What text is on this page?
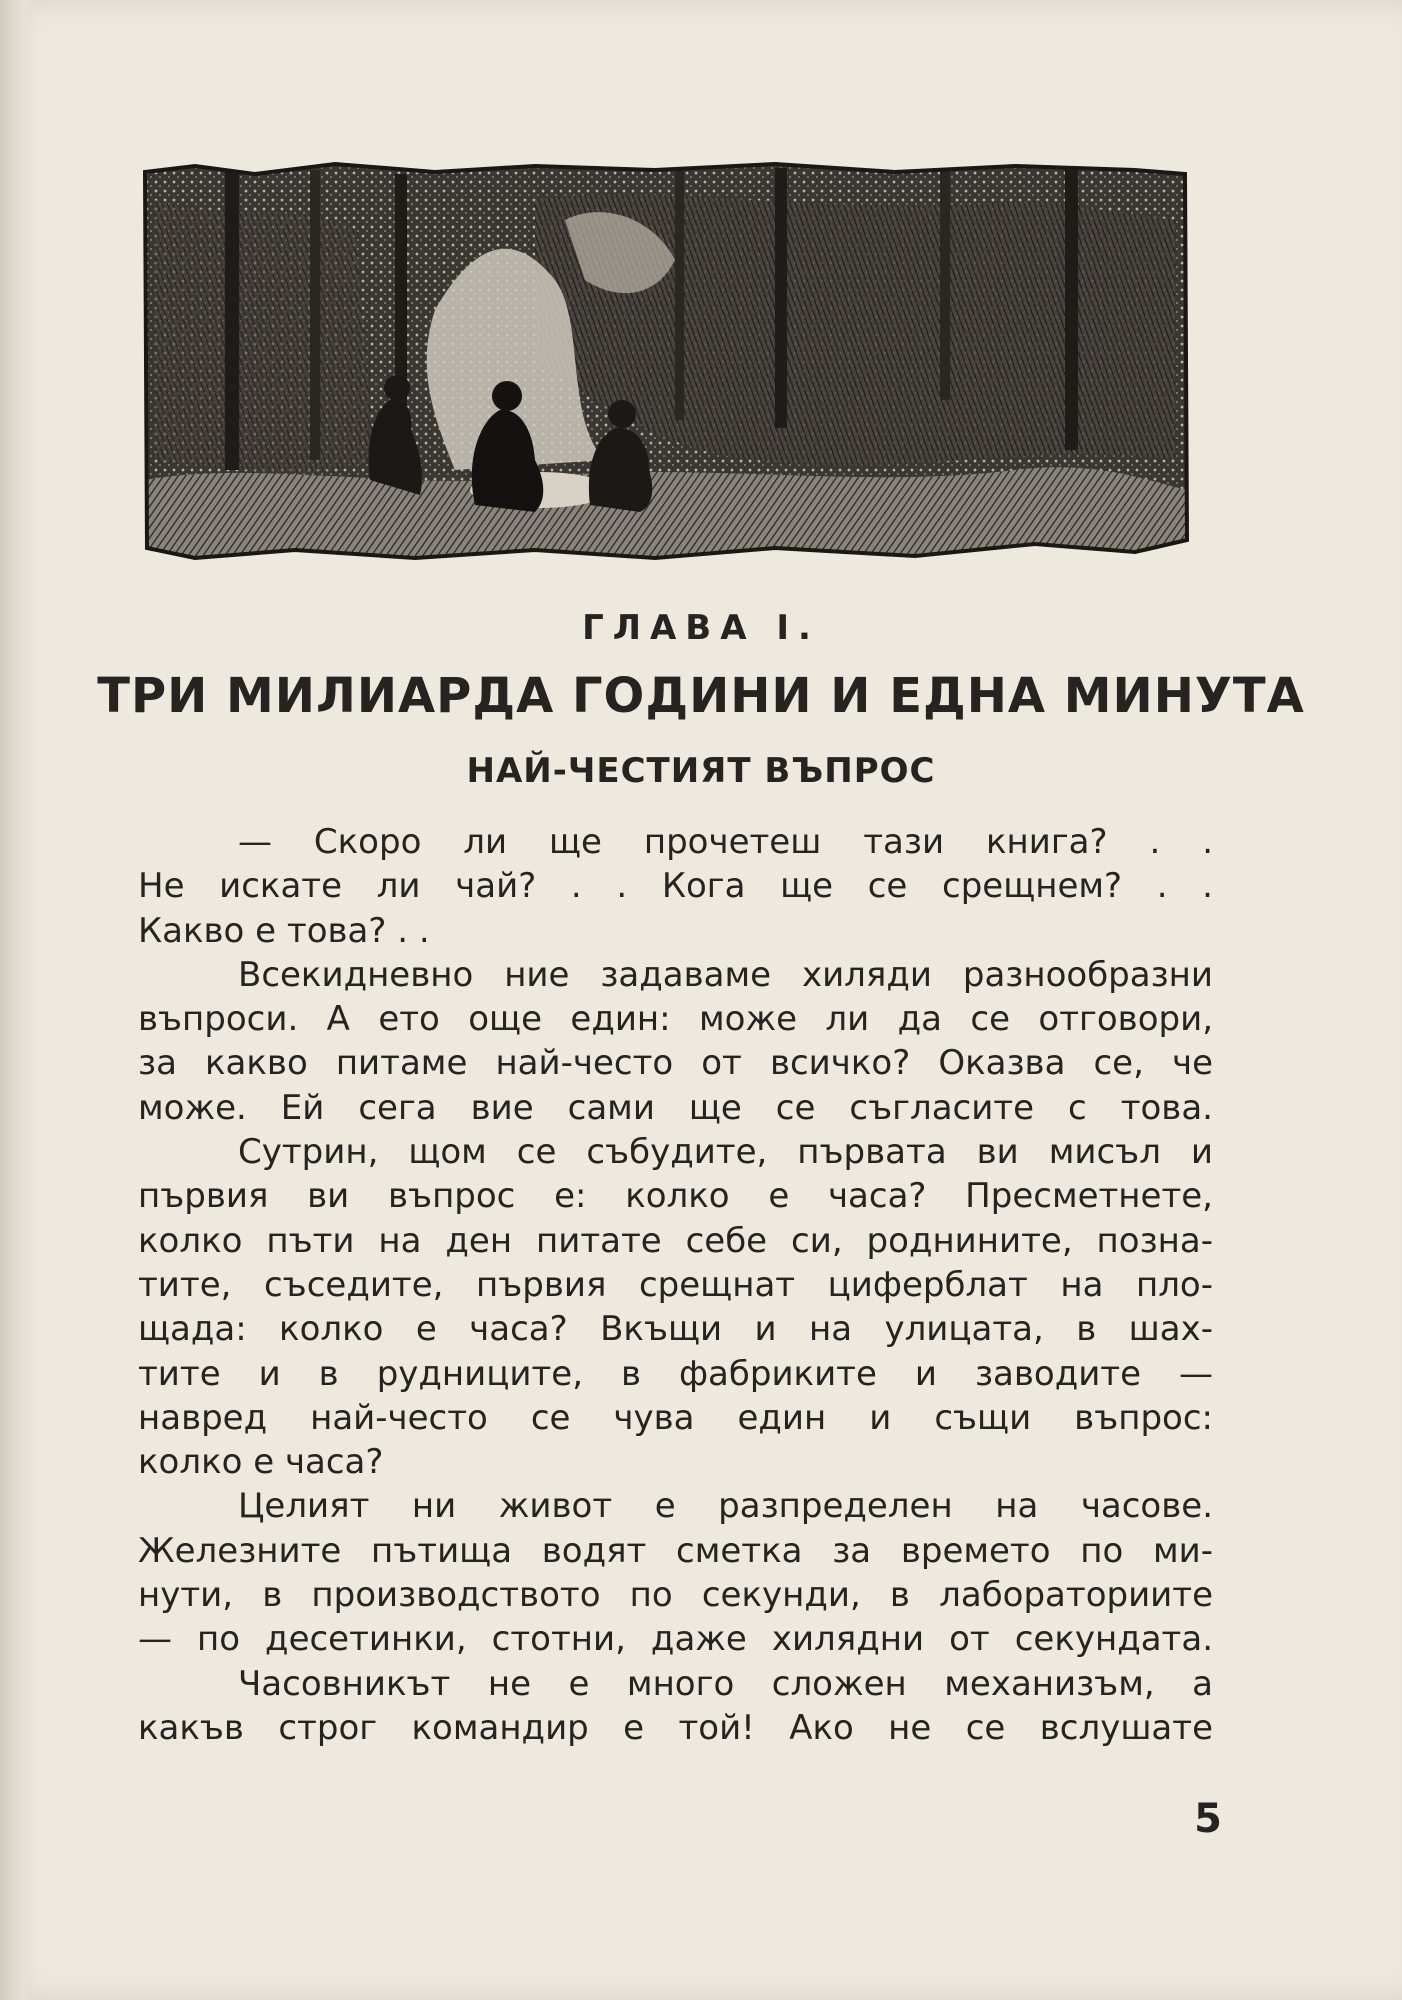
ГЛАВА I.
ТРИ МИЛИАРДА ГОДИНИ И ЕДНА МИНУТА
НАЙ-ЧЕСТИЯТ ВЪПРОС
— Скоро ли ще прочетеш тази книга? . .
Не искате ли чай? . . Кога ще се срещнем? . .
Какво е това? . .
Всекидневно ние задаваме хиляди разнообразни
въпроси. А ето още един: може ли да се отговори,
за какво питаме най-често от всичко? Оказва се, че
може. Ей сега вие сами ще се съгласите с това.
Сутрин, щом се събудите, първата ви мисъл и
първия ви въпрос е: колко е часа? Пресметнете,
колко пъти на ден питате себе си, роднините, позна-
тите, съседите, първия срещнат циферблат на пло-
щада: колко е часа? Вкъщи и на улицата, в шах-
тите и в рудниците, в фабриките и заводите —
навред най-често се чува един и същи въпрос:
колко е часа?
Целият ни живот е разпределен на часове.
Железните пътища водят сметка за времето по ми-
нути, в производството по секунди, в лабораториите
— по десетинки, стотни, даже хилядни от секундата.
Часовникът не е много сложен механизъм, а
какъв строг командир е той! Ако не се вслушате
5
